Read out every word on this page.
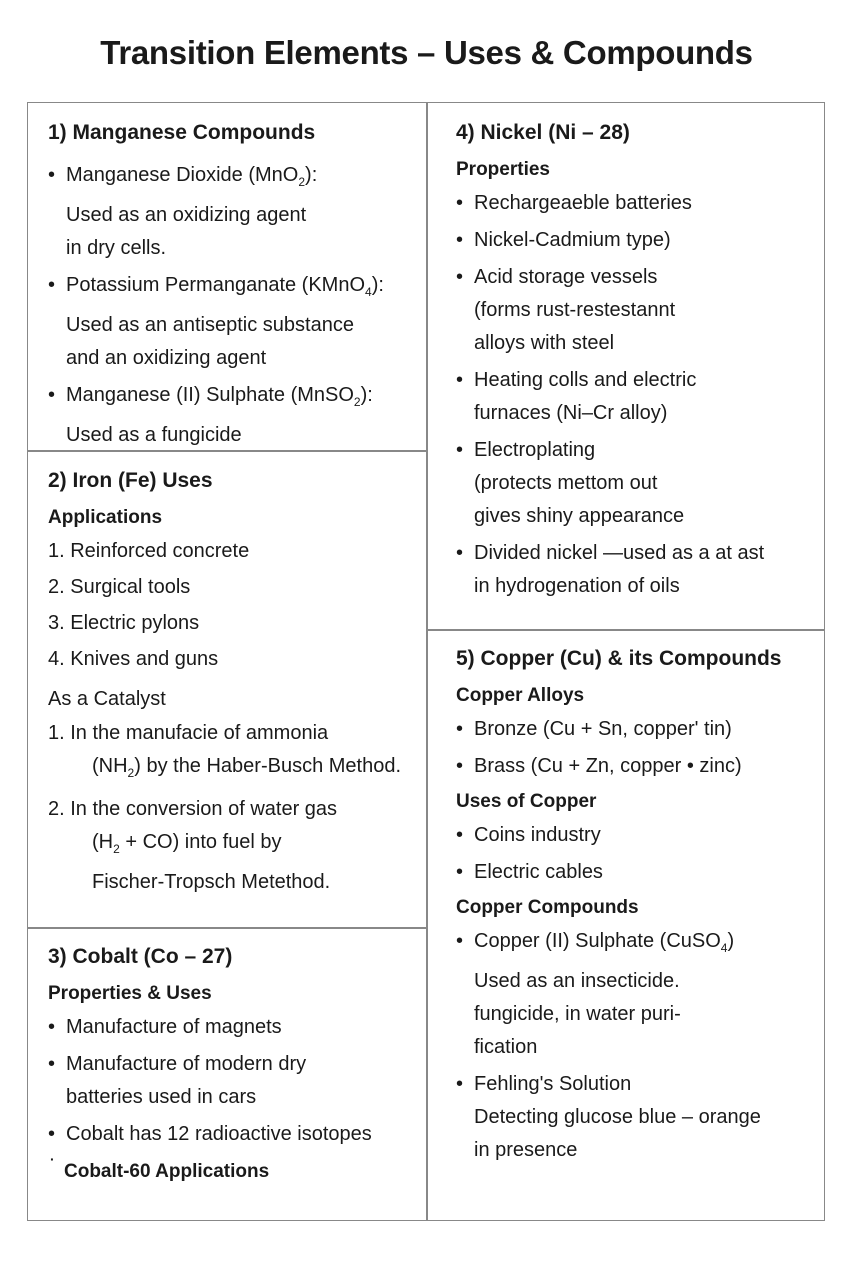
Transition Elements – Uses & Compounds
1) Manganese Compounds
• Manganese Dioxide (MnO$_2$):
Used as an oxidizing agent
in dry cells.
• Potassium Permanganate (KMnO$_4$):
Used as an antiseptic substance
and an oxidizing agent
• Manganese (II) Sulphate (MnSO$_2$):
Used as a fungicide
2) Iron (Fe) Uses
Applications
1. Reinforced concrete
2. Surgical tools
3. Electric pylons
4. Knives and guns
As a Catalyst
1. In the manufacie of ammonia
$(NH_2)$ by the Haber-Busch Method.
2. In the conversion of water gas
$(H_2 + CO)$ into fuel by
Fischer-Tropsch Metethod.
3) Cobalt (Co – 27)
Properties & Uses
• Manufacture of magnets
• Manufacture of modern dry
batteries used in cars
• Cobalt has 12 radioactive isotopes
· Cobalt-60 Applications
4) Nickel (Ni – 28)
Properties
• Rechargeaeble batteries
• Nickel-Cadmium type)
• Acid storage vessels
(forms rust-restestannt
alloys with steel
• Heating colls and electric
furnaces (Ni–Cr alloy)
• Electroplating
(protects mettom out
gives shiny appearance
• Divided nickel —used as a at ast
in hydrogenation of oils
5) Copper (Cu) & its Compounds
Copper Alloys
• Bronze (Cu + Sn, copper' tin)
• Brass (Cu + Zn, copper • zinc)
Uses of Copper
• Coins industry
• Electric cables
Copper Compounds
• Copper (II) Sulphate (CuSO$_4$)
Used as an insecticide.
fungicide, in water puri-
fication
• Fehling's Solution
Detecting glucose blue – orange
in presence
